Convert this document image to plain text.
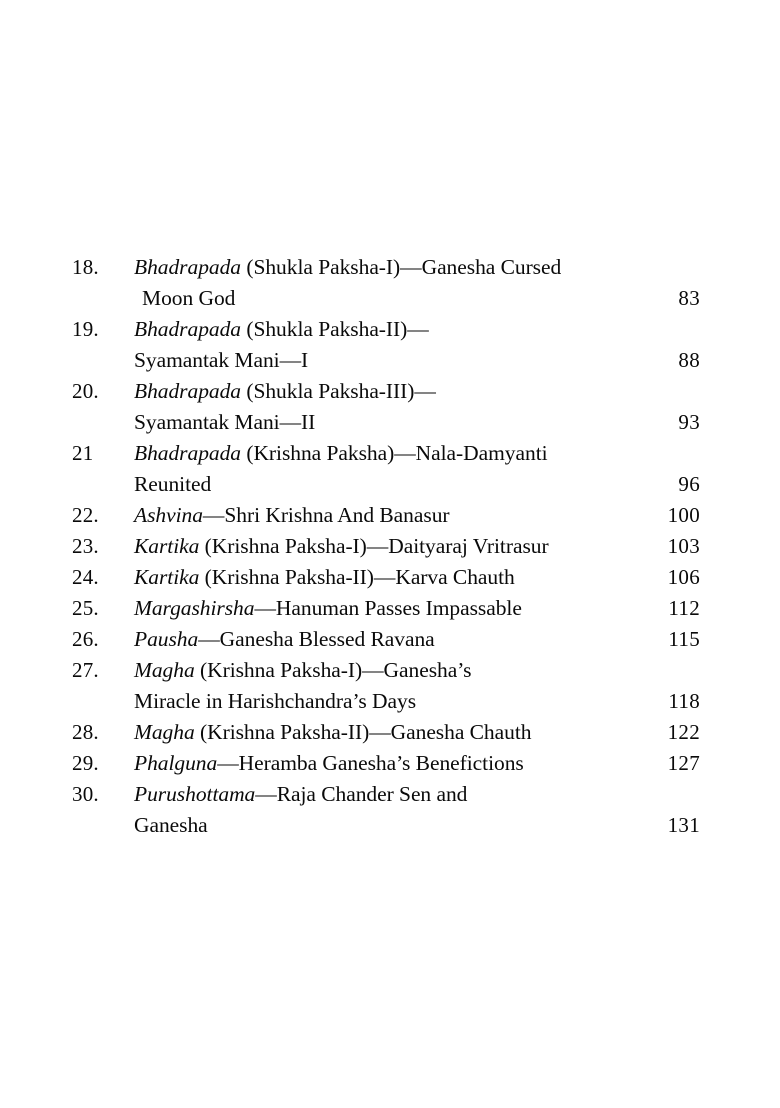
18.	Bhadrapada (Shukla Paksha-I)—Ganesha Cursed
Moon God	83
19.	Bhadrapada (Shukla Paksha-II)—
Syamantak Mani—I	88
20.	Bhadrapada (Shukla Paksha-III)—
Syamantak Mani—II	93
21	Bhadrapada (Krishna Paksha)—Nala-Damyanti
Reunited	96
22.	Ashvina—Shri Krishna And Banasur	100
23.	Kartika (Krishna Paksha-I)—Daityaraj Vritrasur	103
24.	Kartika (Krishna Paksha-II)—Karva Chauth	106
25.	Margashirsha—Hanuman Passes Impassable	112
26.	Pausha—Ganesha Blessed Ravana	115
27.	Magha (Krishna Paksha-I)—Ganesha’s
Miracle in Harishchandra’s Days	118
28.	Magha (Krishna Paksha-II)—Ganesha Chauth	122
29.	Phalguna—Heramba Ganesha’s Benefictions	127
30.	Purushottama—Raja Chander Sen and
Ganesha	131
